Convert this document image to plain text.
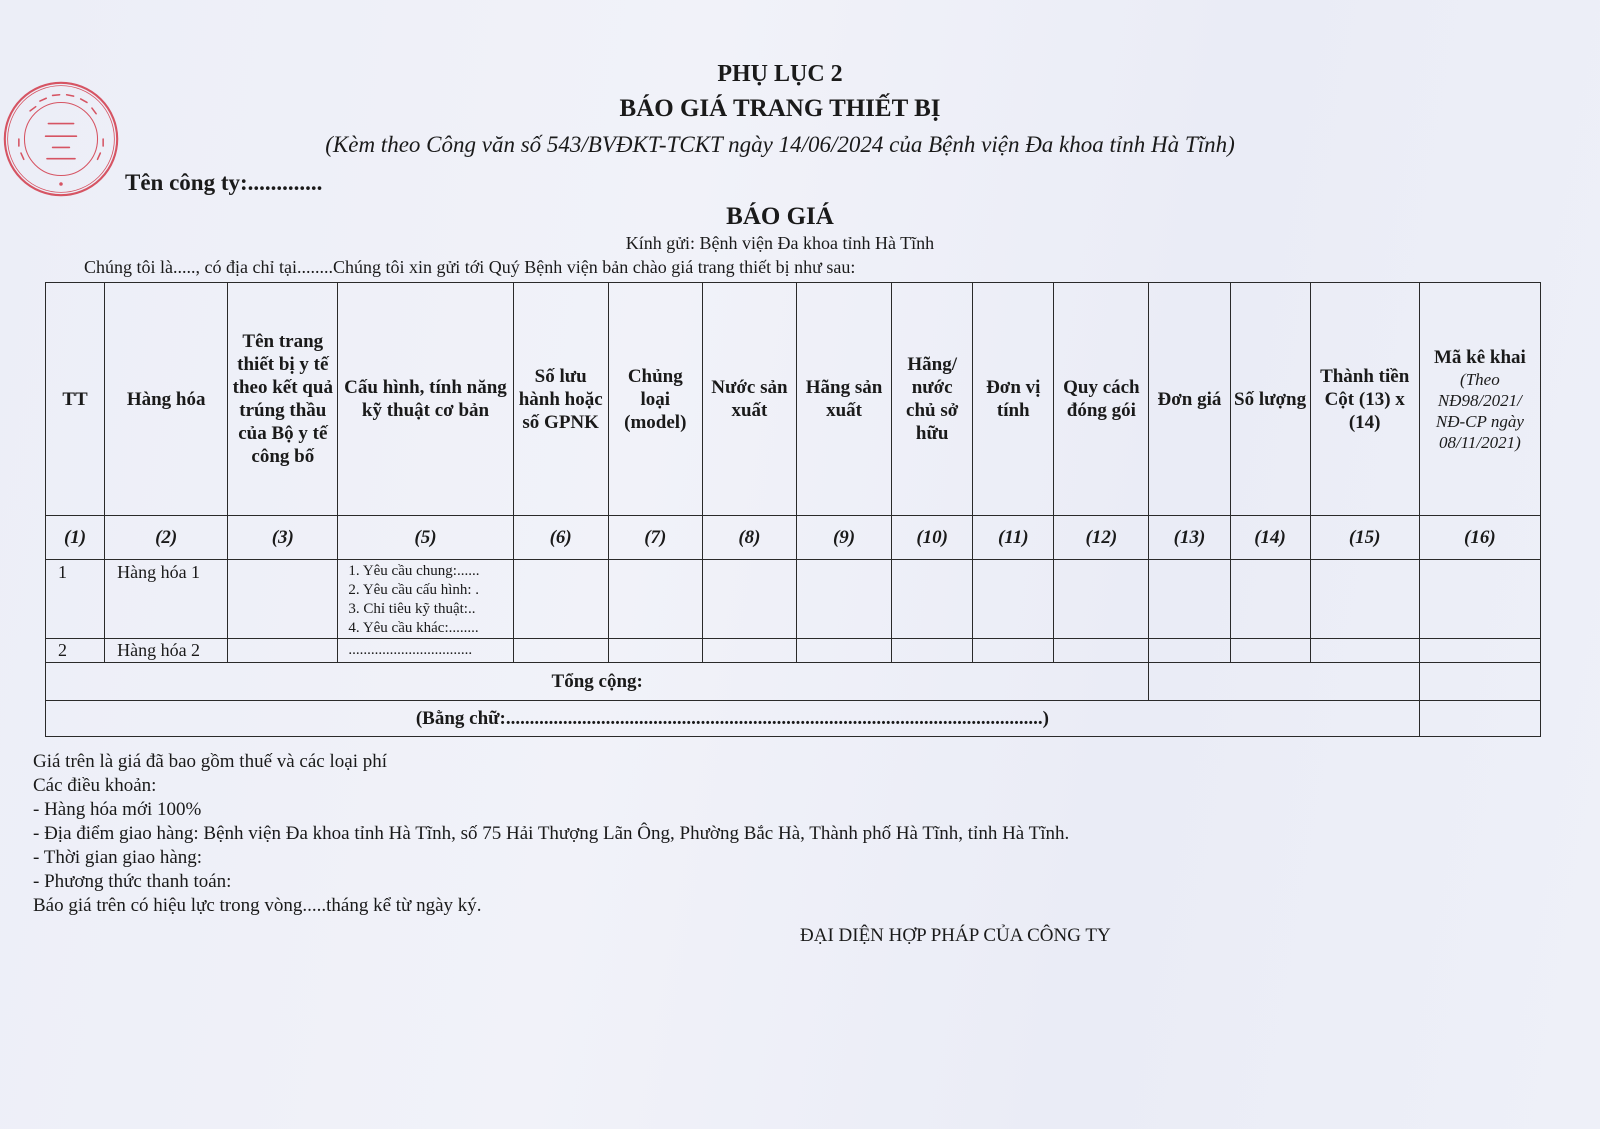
PHỤ LỤC 2
BÁO GIÁ TRANG THIẾT BỊ
(Kèm theo Công văn số 543/BVĐKT-TCKT ngày 14/06/2024 của Bệnh viện Đa khoa tỉnh Hà Tĩnh)
Tên công ty:.............
BÁO GIÁ
Kính gửi: Bệnh viện Đa khoa tỉnh Hà Tĩnh
Chúng tôi là....., có địa chỉ tại........Chúng tôi xin gửi tới Quý Bệnh viện bản chào giá trang thiết bị như sau:
TT	Hàng hóa	Tên trang thiết bị y tế theo kết quả trúng thầu của Bộ y tế công bố	Cấu hình, tính năng kỹ thuật cơ bản	Số lưu hành hoặc số GPNK	Chủng loại (model)	Nước sản xuất	Hãng sản xuất	Hãng/ nước chủ sở hữu	Đơn vị tính	Quy cách đóng gói	Đơn giá	Số lượng	Thành tiền Cột (13) x (14)	Mã kê khai
(Theo NĐ98/2021/ NĐ-CP ngày 08/11/2021)

(1)	(2)	(3)	(5)	(6)	(7)	(8)	(9)	(10)	(11)	(12)	(13)	(14)	(15)	(16)
1	Hàng hóa 1		1. Yêu cầu chung:......
2. Yêu cầu cấu hình: .
3. Chỉ tiêu kỹ thuật:..
4. Yêu cầu khác:........											

2	Hàng hóa 2		.................................											

Tổng cộng:														
(Bằng chữ:.................................................................................................................)														
Giá trên là giá đã bao gồm thuế và các loại phí
Các điều khoản:
- Hàng hóa mới 100%
- Địa điểm giao hàng: Bệnh viện Đa khoa tỉnh Hà Tĩnh, số 75 Hải Thượng Lãn Ông, Phường Bắc Hà, Thành phố Hà Tĩnh, tỉnh Hà Tĩnh.
- Thời gian giao hàng:
- Phương thức thanh toán:
Báo giá trên có hiệu lực trong vòng.....tháng kể từ ngày ký.
ĐẠI DIỆN HỢP PHÁP CỦA CÔNG TY
